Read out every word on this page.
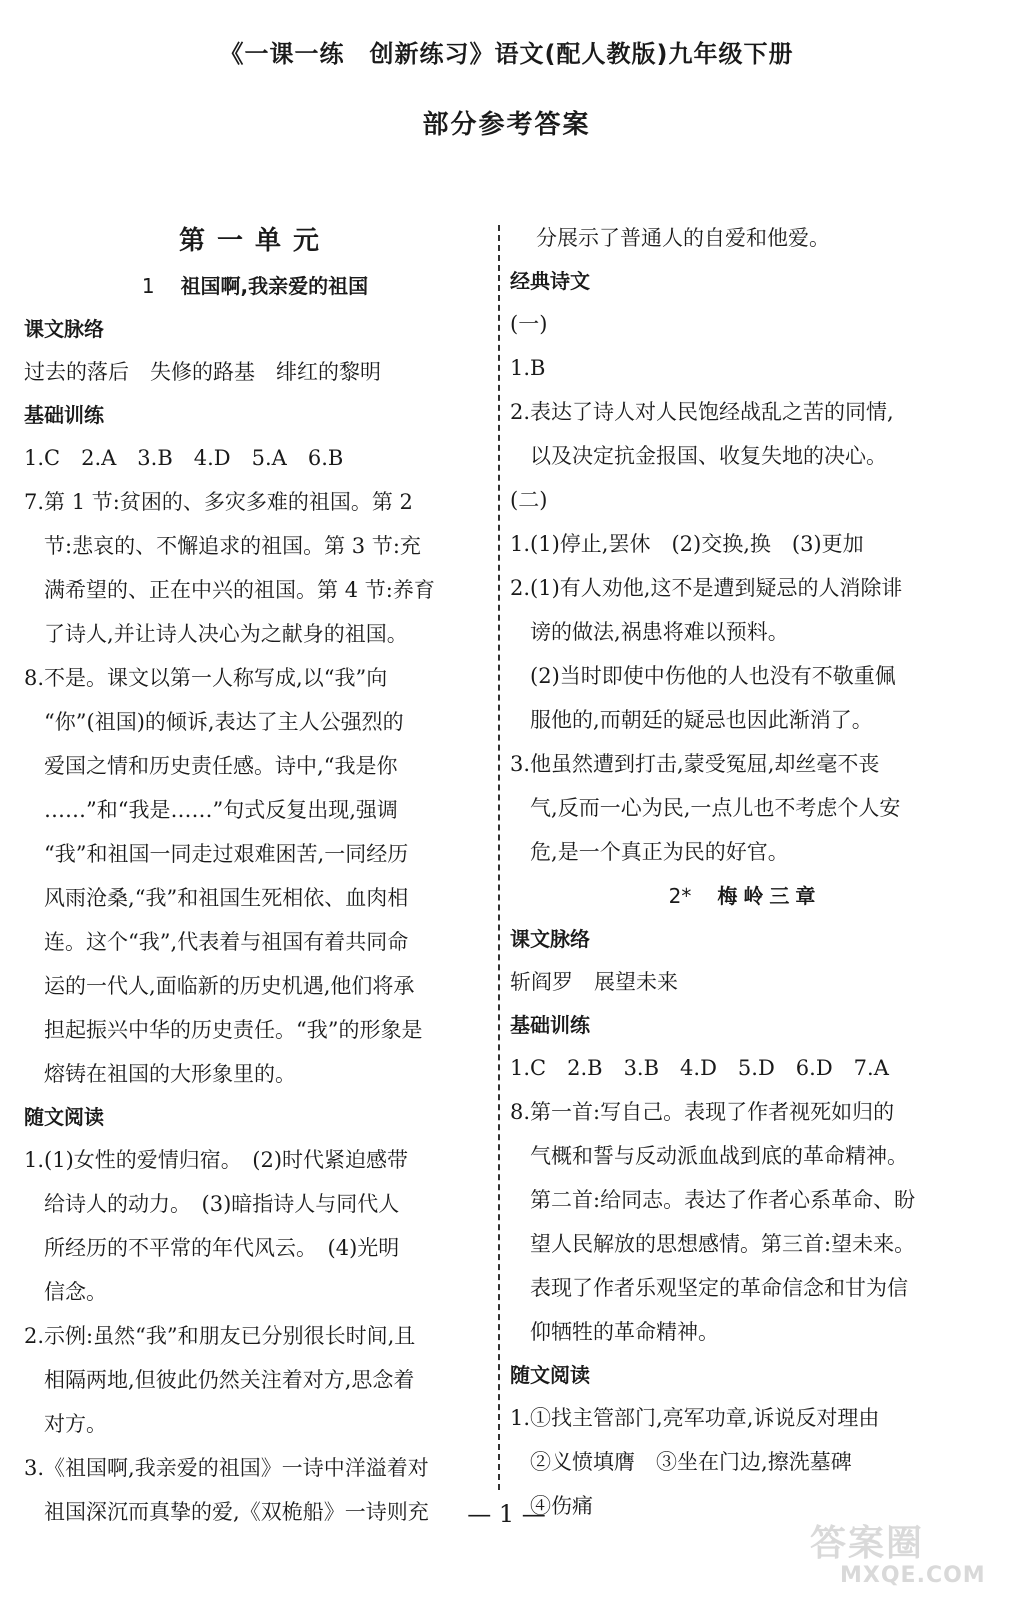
《一课一练　创新练习》语文(配人教版)九年级下册
部分参考答案
第一单元
1 祖国啊,我亲爱的祖国
课文脉络
过去的落后　失修的路基　绯红的黎明
基础训练
1.C　2.A　3.B　4.D　5.A　6.B
7. 第 1 节:贫困的、多灾多难的祖国。第 2
节:悲哀的、不懈追求的祖国。第 3 节:充
满希望的、正在中兴的祖国。第 4 节:养育
了诗人,并让诗人决心为之献身的祖国。
8. 不是。课文以第一人称写成,以“我”向
“你”(祖国)的倾诉,表达了主人公强烈的
爱国之情和历史责任感。诗中,“我是你
……”和“我是……”句式反复出现,强调
“我”和祖国一同走过艰难困苦,一同经历
风雨沧桑,“我”和祖国生死相依、血肉相
连。这个“我”,代表着与祖国有着共同命
运的一代人,面临新的历史机遇,他们将承
担起振兴中华的历史责任。“我”的形象是
熔铸在祖国的大形象里的。
随文阅读
1. (1)女性的爱情归宿。　(2)时代紧迫感带
给诗人的动力。　(3)暗指诗人与同代人
所经历的不平常的年代风云。　(4)光明
信念。
2. 示例:虽然“我”和朋友已分别很长时间,且
相隔两地,但彼此仍然关注着对方,思念着
对方。
3. 《祖国啊,我亲爱的祖国》一诗中洋溢着对
祖国深沉而真挚的爱,《双桅船》一诗则充
分展示了普通人的自爱和他爱。
经典诗文
(一)
1.B
2. 表达了诗人对人民饱经战乱之苦的同情,
以及决定抗金报国、收复失地的决心。
(二)
1.(1)停止,罢休　(2)交换,换　(3)更加
2. (1)有人劝他,这不是遭到疑忌的人消除诽
谤的做法,祸患将难以预料。
(2)当时即使中伤他的人也没有不敬重佩
服他的,而朝廷的疑忌也因此渐消了。
3. 他虽然遭到打击,蒙受冤屈,却丝毫不丧
气,反而一心为民,一点儿也不考虑个人安
危,是一个真正为民的好官。
2* 梅岭三章
课文脉络
斩阎罗　展望未来
基础训练
1.C　2.B　3.B　4.D　5.D　6.D　7.A
8. 第一首:写自己。表现了作者视死如归的
气概和誓与反动派血战到底的革命精神。
第二首:给同志。表达了作者心系革命、盼
望人民解放的思想感情。第三首:望未来。
表现了作者乐观坚定的革命信念和甘为信
仰牺牲的革命精神。
随文阅读
1. ①找主管部门,亮军功章,诉说反对理由
②义愤填膺　③坐在门边,擦洗墓碑
④伤痛
— 1 —
答案圈
MXQE.COM
